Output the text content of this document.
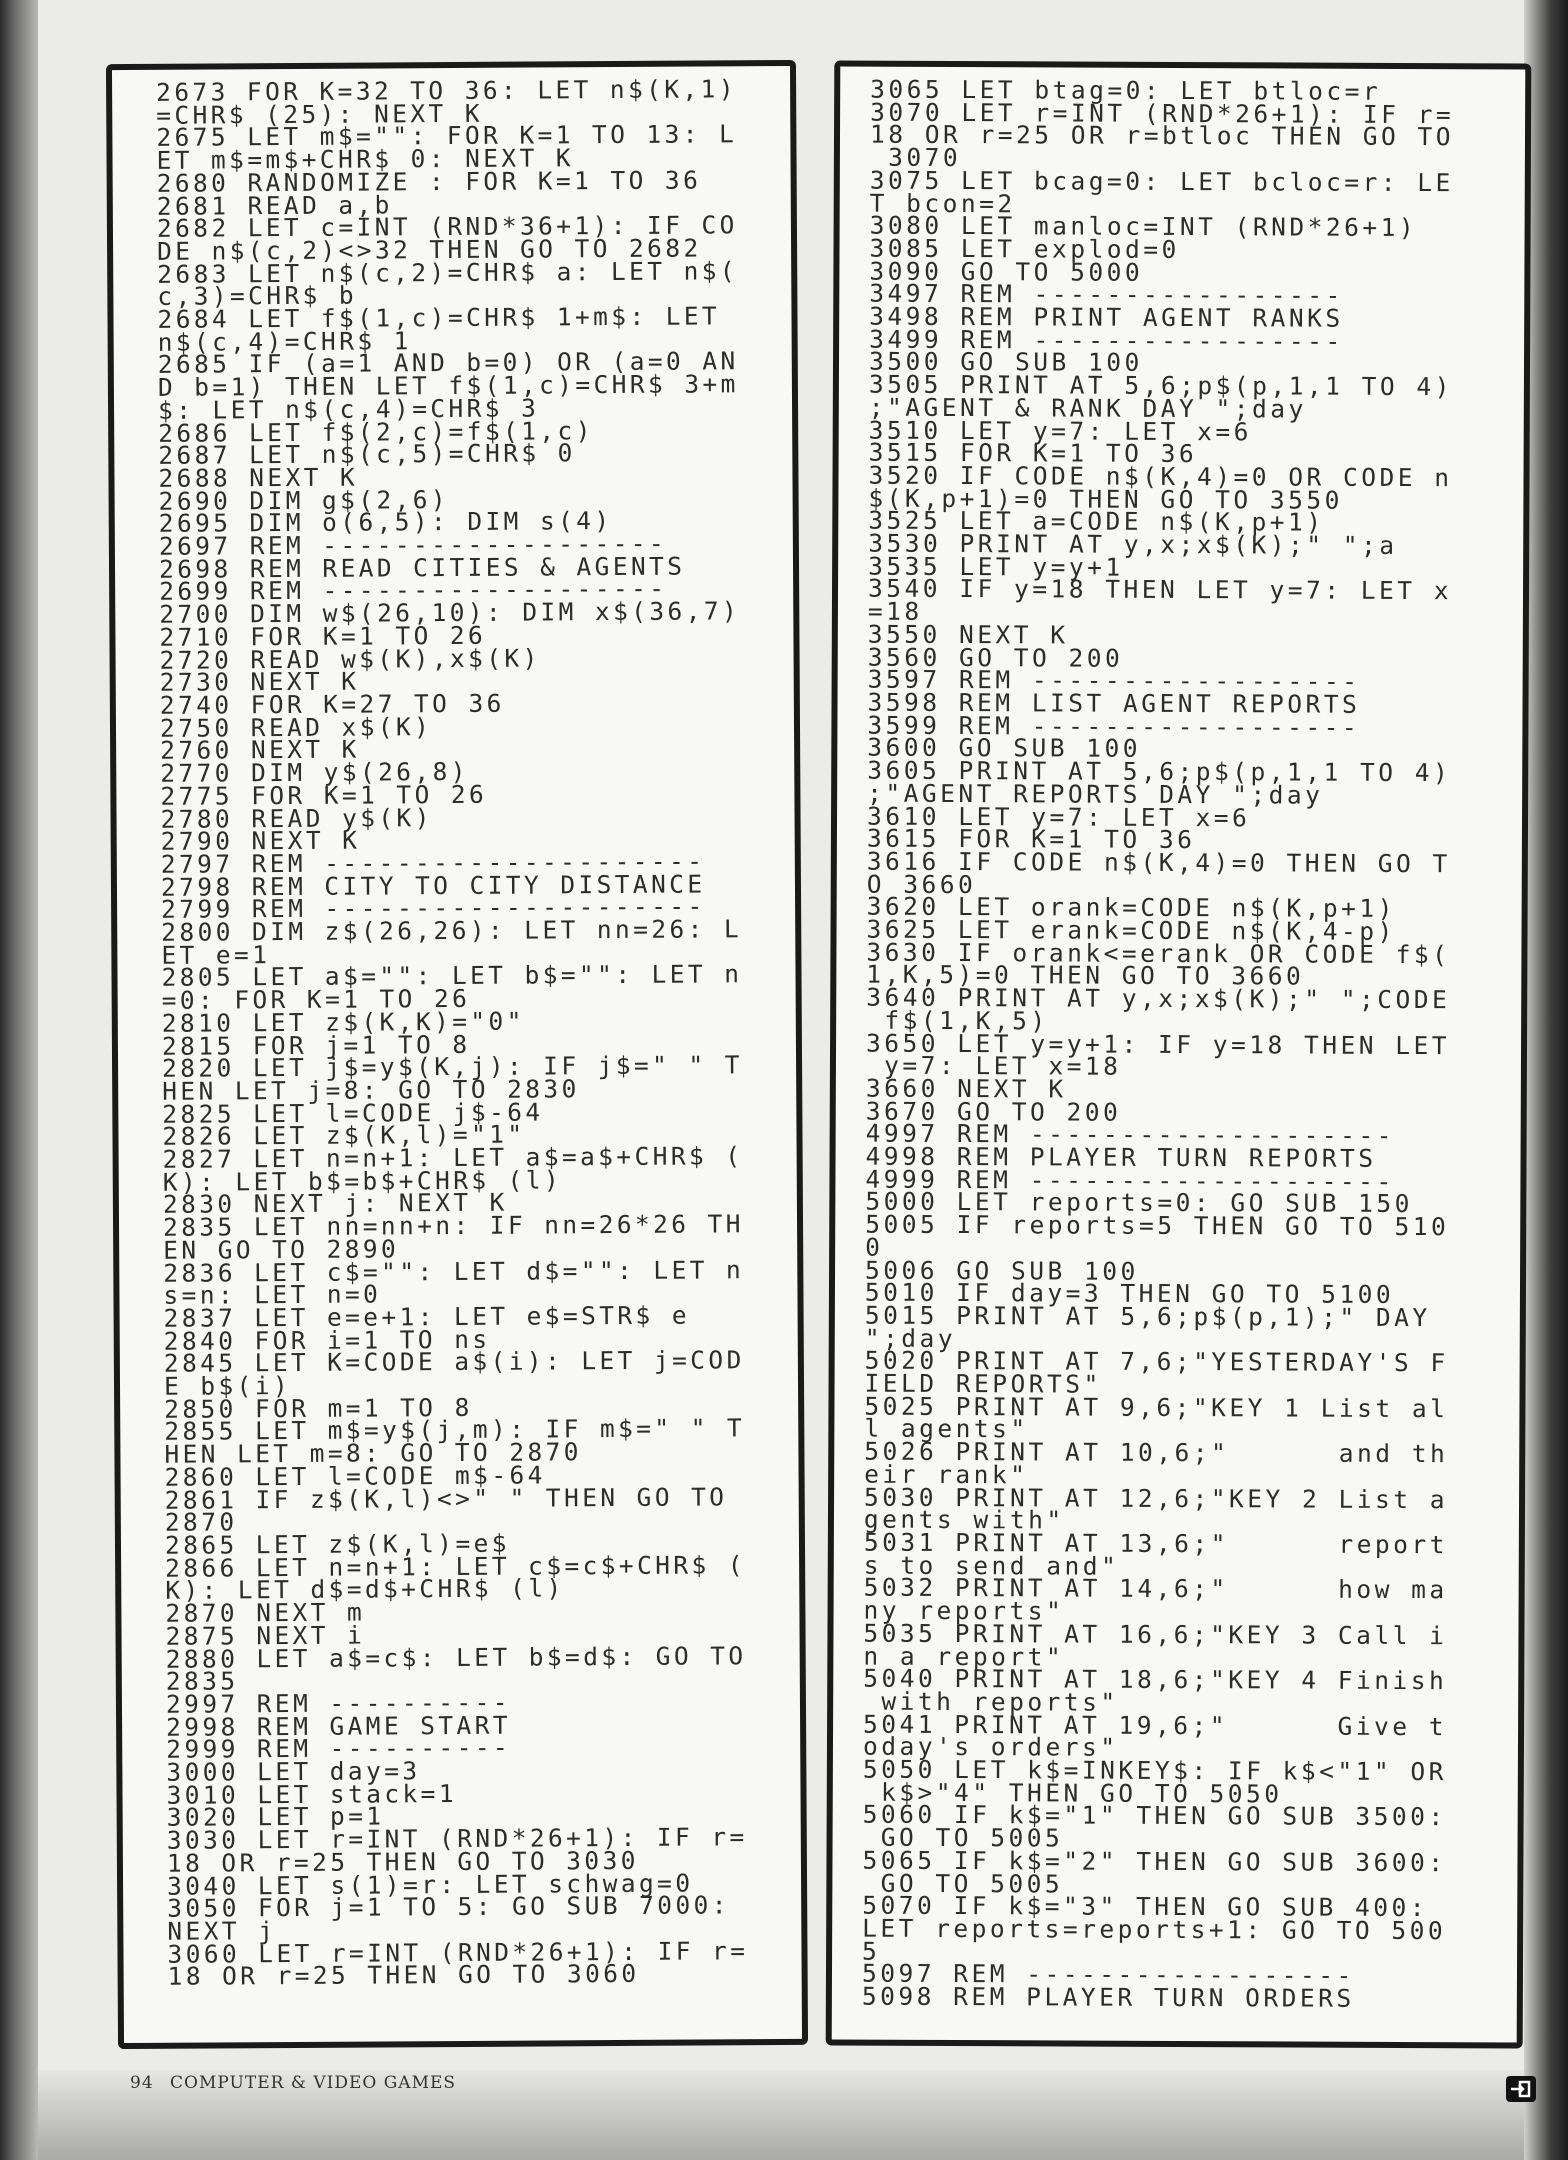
2673 FOR K=32 TO 36: LET n$(K,1)
=CHR$ (25): NEXT K
2675 LET m$="": FOR K=1 TO 13: L
ET m$=m$+CHR$ 0: NEXT K
2680 RANDOMIZE : FOR K=1 TO 36
2681 READ a,b
2682 LET c=INT (RND*36+1): IF CO
DE n$(c,2)<>32 THEN GO TO 2682
2683 LET n$(c,2)=CHR$ a: LET n$(
c,3)=CHR$ b
2684 LET f$(1,c)=CHR$ 1+m$: LET
n$(c,4)=CHR$ 1
2685 IF (a=1 AND b=0) OR (a=0 AN
D b=1) THEN LET f$(1,c)=CHR$ 3+m
$: LET n$(c,4)=CHR$ 3
2686 LET f$(2,c)=f$(1,c)
2687 LET n$(c,5)=CHR$ 0
2688 NEXT K
2690 DIM g$(2,6)
2695 DIM o(6,5): DIM s(4)
2697 REM -------------------
2698 REM READ CITIES & AGENTS
2699 REM -------------------
2700 DIM w$(26,10): DIM x$(36,7)
2710 FOR K=1 TO 26
2720 READ w$(K),x$(K)
2730 NEXT K
2740 FOR K=27 TO 36
2750 READ x$(K)
2760 NEXT K
2770 DIM y$(26,8)
2775 FOR K=1 TO 26
2780 READ y$(K)
2790 NEXT K
2797 REM ---------------------
2798 REM CITY TO CITY DISTANCE
2799 REM ---------------------
2800 DIM z$(26,26): LET nn=26: L
ET e=1
2805 LET a$="": LET b$="": LET n
=0: FOR K=1 TO 26
2810 LET z$(K,K)="0"
2815 FOR j=1 TO 8
2820 LET j$=y$(K,j): IF j$=" " T
HEN LET j=8: GO TO 2830
2825 LET l=CODE j$-64
2826 LET z$(K,l)="1"
2827 LET n=n+1: LET a$=a$+CHR$ (
K): LET b$=b$+CHR$ (l)
2830 NEXT j: NEXT K
2835 LET nn=nn+n: IF nn=26*26 TH
EN GO TO 2890
2836 LET c$="": LET d$="": LET n
s=n: LET n=0
2837 LET e=e+1: LET e$=STR$ e
2840 FOR i=1 TO ns
2845 LET K=CODE a$(i): LET j=COD
E b$(i)
2850 FOR m=1 TO 8
2855 LET m$=y$(j,m): IF m$=" " T
HEN LET m=8: GO TO 2870
2860 LET l=CODE m$-64
2861 IF z$(K,l)<>" " THEN GO TO
2870
2865 LET z$(K,l)=e$
2866 LET n=n+1: LET c$=c$+CHR$ (
K): LET d$=d$+CHR$ (l)
2870 NEXT m
2875 NEXT i
2880 LET a$=c$: LET b$=d$: GO TO
2835
2997 REM ----------
2998 REM GAME START
2999 REM ----------
3000 LET day=3
3010 LET stack=1
3020 LET p=1
3030 LET r=INT (RND*26+1): IF r=
18 OR r=25 THEN GO TO 3030
3040 LET s(1)=r: LET schwag=0
3050 FOR j=1 TO 5: GO SUB 7000:
NEXT j
3060 LET r=INT (RND*26+1): IF r=
18 OR r=25 THEN GO TO 3060
3065 LET btag=0: LET btloc=r
3070 LET r=INT (RND*26+1): IF r=
18 OR r=25 OR r=btloc THEN GO TO
3070
3075 LET bcag=0: LET bcloc=r: LE
T bcon=2
3080 LET manloc=INT (RND*26+1)
3085 LET explod=0
3090 GO TO 5000
3497 REM -----------------
3498 REM PRINT AGENT RANKS
3499 REM -----------------
3500 GO SUB 100
3505 PRINT AT 5,6;p$(p,1,1 TO 4)
;"AGENT & RANK DAY ";day
3510 LET y=7: LET x=6
3515 FOR K=1 TO 36
3520 IF CODE n$(K,4)=0 OR CODE n
$(K,p+1)=0 THEN GO TO 3550
3525 LET a=CODE n$(K,p+1)
3530 PRINT AT y,x;x$(K);" ";a
3535 LET y=y+1
3540 IF y=18 THEN LET y=7: LET x
=18
3550 NEXT K
3560 GO TO 200
3597 REM ------------------
3598 REM LIST AGENT REPORTS
3599 REM ------------------
3600 GO SUB 100
3605 PRINT AT 5,6;p$(p,1,1 TO 4)
;"AGENT REPORTS DAY ";day
3610 LET y=7: LET x=6
3615 FOR K=1 TO 36
3616 IF CODE n$(K,4)=0 THEN GO T
O 3660
3620 LET orank=CODE n$(K,p+1)
3625 LET erank=CODE n$(K,4-p)
3630 IF orank<=erank OR CODE f$(
1,K,5)=0 THEN GO TO 3660
3640 PRINT AT y,x;x$(K);" ";CODE
f$(1,K,5)
3650 LET y=y+1: IF y=18 THEN LET
y=7: LET x=18
3660 NEXT K
3670 GO TO 200
4997 REM --------------------
4998 REM PLAYER TURN REPORTS
4999 REM --------------------
5000 LET reports=0: GO SUB 150
5005 IF reports=5 THEN GO TO 510
0
5006 GO SUB 100
5010 IF day=3 THEN GO TO 5100
5015 PRINT AT 5,6;p$(p,1);" DAY
";day
5020 PRINT AT 7,6;"YESTERDAY'S F
IELD REPORTS"
5025 PRINT AT 9,6;"KEY 1 List al
l agents"
5026 PRINT AT 10,6;"      and th
eir rank"
5030 PRINT AT 12,6;"KEY 2 List a
gents with"
5031 PRINT AT 13,6;"      report
s to send and"
5032 PRINT AT 14,6;"      how ma
ny reports"
5035 PRINT AT 16,6;"KEY 3 Call i
n a report"
5040 PRINT AT 18,6;"KEY 4 Finish
with reports"
5041 PRINT AT 19,6;"      Give t
oday's orders"
5050 LET k$=INKEY$: IF k$<"1" OR
k$>"4" THEN GO TO 5050
5060 IF k$="1" THEN GO SUB 3500:
GO TO 5005
5065 IF k$="2" THEN GO SUB 3600:
GO TO 5005
5070 IF k$="3" THEN GO SUB 400:
LET reports=reports+1: GO TO 500
5
5097 REM ------------------
5098 REM PLAYER TURN ORDERS
94 COMPUTER & VIDEO GAMES
